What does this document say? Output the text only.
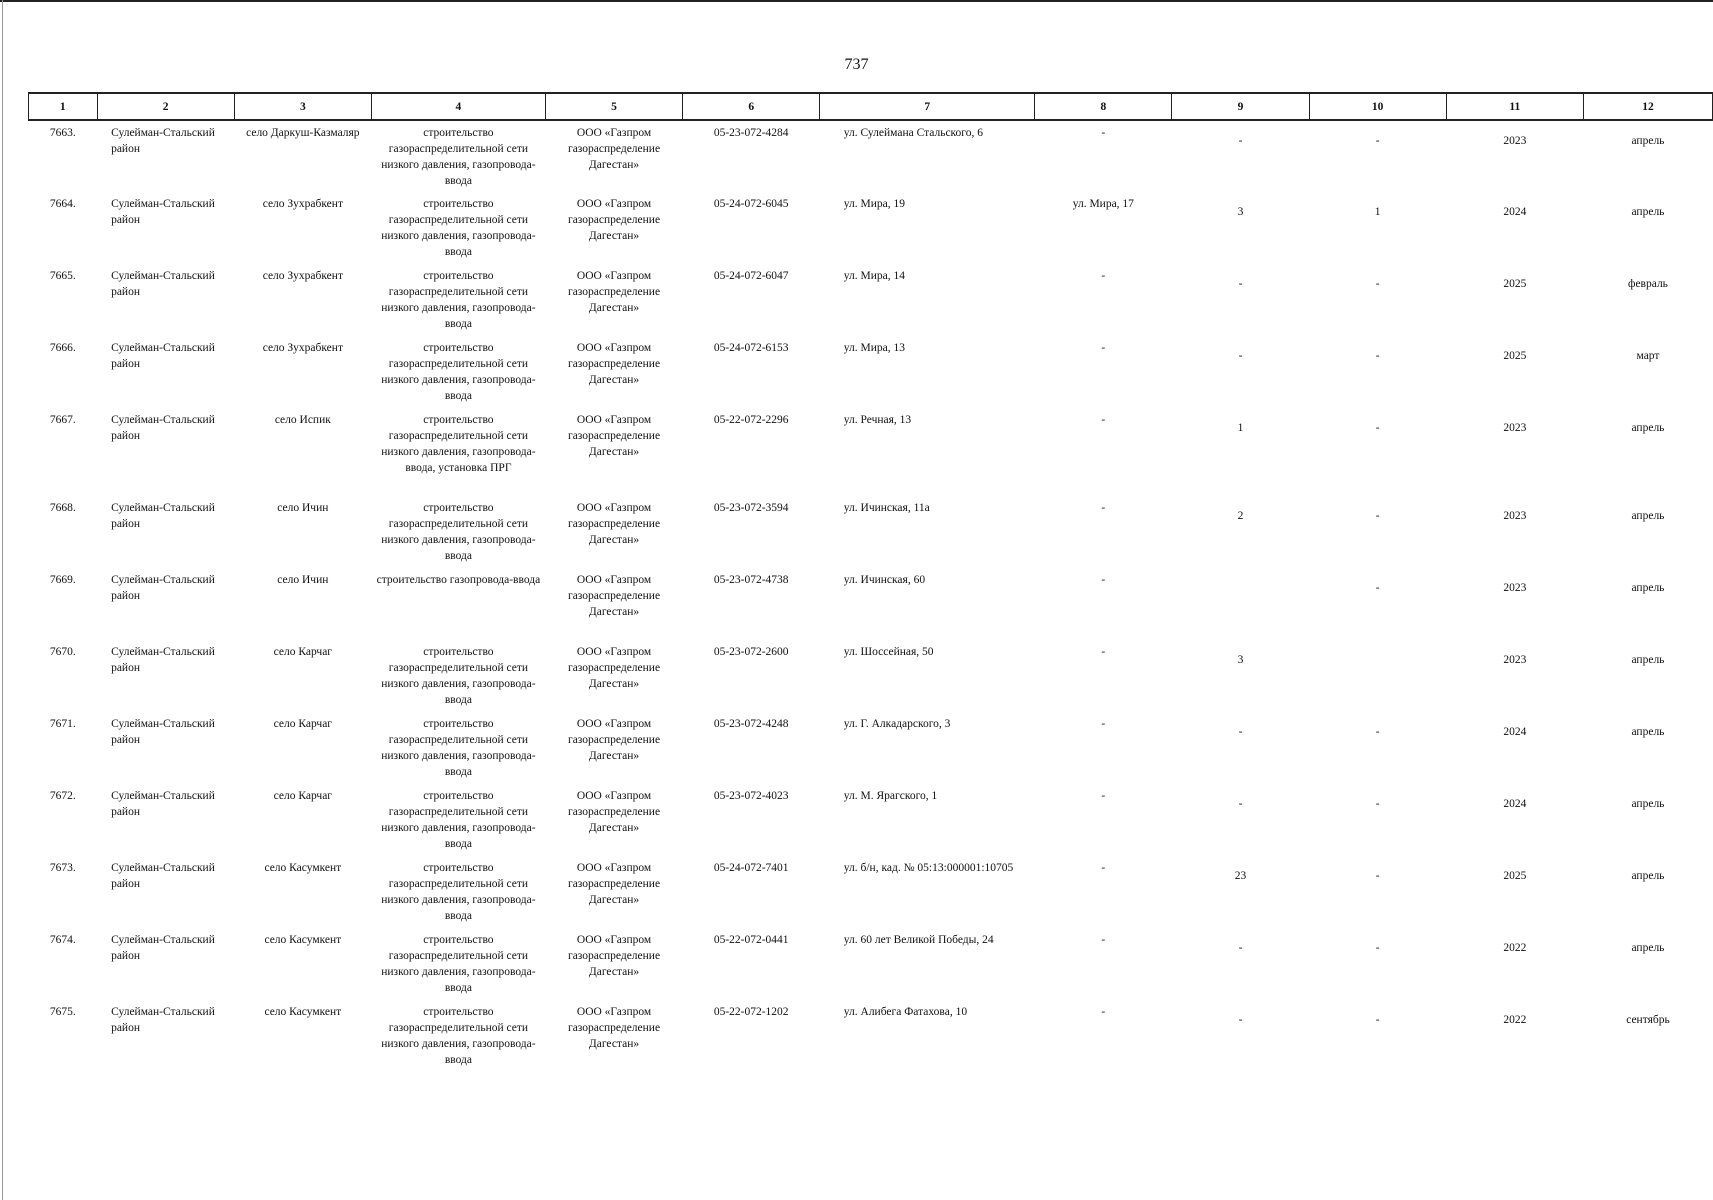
737
1	2	3	4	5	6	7	8	9	10	11	12
7663.	Сулейман-Стальский район	село Даркуш-Казмаляр	строительство газораспределительной сети низкого давления, газопровода-ввода	ООО «Газпром газораспределение Дагестан»	05-23-072-4284	ул. Сулеймана Стальского, 6	-	-	-	2023	апрель
7664.	Сулейман-Стальский район	село Зухрабкент	строительство газораспределительной сети низкого давления, газопровода-ввода	ООО «Газпром газораспределение Дагестан»	05-24-072-6045	ул. Мира, 19	ул. Мира, 17	3	1	2024	апрель
7665.	Сулейман-Стальский район	село Зухрабкент	строительство газораспределительной сети низкого давления, газопровода-ввода	ООО «Газпром газораспределение Дагестан»	05-24-072-6047	ул. Мира, 14	-	-	-	2025	февраль
7666.	Сулейман-Стальский район	село Зухрабкент	строительство газораспределительной сети низкого давления, газопровода-ввода	ООО «Газпром газораспределение Дагестан»	05-24-072-6153	ул. Мира, 13	-	-	-	2025	март
7667.	Сулейман-Стальский район	село Испик	строительство газораспределительной сети низкого давления, газопровода-ввода, установка ПРГ	ООО «Газпром газораспределение Дагестан»	05-22-072-2296	ул. Речная, 13	-	1	-	2023	апрель
7668.	Сулейман-Стальский район	село Ичин	строительство газораспределительной сети низкого давления, газопровода-ввода	ООО «Газпром газораспределение Дагестан»	05-23-072-3594	ул. Ичинская, 11а	-	2	-	2023	апрель
7669.	Сулейман-Стальский район	село Ичин	строительство газопровода-ввода	ООО «Газпром газораспределение Дагестан»	05-23-072-4738	ул. Ичинская, 60	-		-	2023	апрель
7670.	Сулейман-Стальский район	село Карчаг	строительство газораспределительной сети низкого давления, газопровода-ввода	ООО «Газпром газораспределение Дагестан»	05-23-072-2600	ул. Шоссейная, 50	-	3		2023	апрель
7671.	Сулейман-Стальский район	село Карчаг	строительство газораспределительной сети низкого давления, газопровода-ввода	ООО «Газпром газораспределение Дагестан»	05-23-072-4248	ул. Г. Алкадарского, 3	-	-	-	2024	апрель
7672.	Сулейман-Стальский район	село Карчаг	строительство газораспределительной сети низкого давления, газопровода-ввода	ООО «Газпром газораспределение Дагестан»	05-23-072-4023	ул. М. Ярагского, 1	-	-	-	2024	апрель
7673.	Сулейман-Стальский район	село Касумкент	строительство газораспределительной сети низкого давления, газопровода-ввода	ООО «Газпром газораспределение Дагестан»	05-24-072-7401	ул. б/н, кад. № 05:13:000001:10705	-	23	-	2025	апрель
7674.	Сулейман-Стальский район	село Касумкент	строительство газораспределительной сети низкого давления, газопровода-ввода	ООО «Газпром газораспределение Дагестан»	05-22-072-0441	ул. 60 лет Великой Победы, 24	-	-	-	2022	апрель
7675.	Сулейман-Стальский район	село Касумкент	строительство газораспределительной сети низкого давления, газопровода-ввода	ООО «Газпром газораспределение Дагестан»	05-22-072-1202	ул. Алибега Фатахова, 10	-	-	-	2022	сентябрь
